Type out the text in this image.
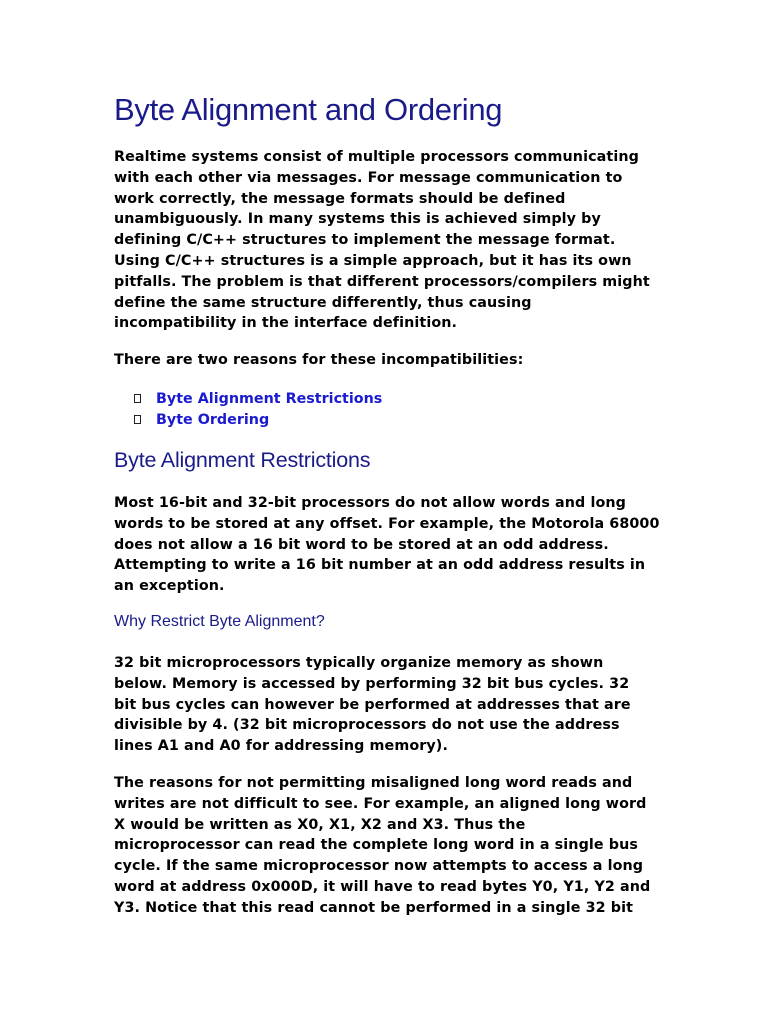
Byte Alignment and Ordering

Realtime systems consist of multiple processors communicating
with each other via messages. For message communication to
work correctly, the message formats should be defined
unambiguously. In many systems this is achieved simply by
defining C/C++ structures to implement the message format.
Using C/C++ structures is a simple approach, but it has its own
pitfalls. The problem is that different processors/compilers might
define the same structure differently, thus causing
incompatibility in the interface definition.

There are two reasons for these incompatibilities:

Byte Alignment Restrictions
Byte Ordering
Byte Alignment Restrictions

Most 16-bit and 32-bit processors do not allow words and long
words to be stored at any offset. For example, the Motorola 68000
does not allow a 16 bit word to be stored at an odd address.
Attempting to write a 16 bit number at an odd address results in
an exception.

Why Restrict Byte Alignment?

32 bit microprocessors typically organize memory as shown
below. Memory is accessed by performing 32 bit bus cycles. 32
bit bus cycles can however be performed at addresses that are
divisible by 4. (32 bit microprocessors do not use the address
lines A1 and A0 for addressing memory).

The reasons for not permitting misaligned long word reads and
writes are not difficult to see. For example, an aligned long word
X would be written as X0, X1, X2 and X3. Thus the
microprocessor can read the complete long word in a single bus
cycle. If the same microprocessor now attempts to access a long
word at address 0x000D, it will have to read bytes Y0, Y1, Y2 and
Y3. Notice that this read cannot be performed in a single 32 bit
